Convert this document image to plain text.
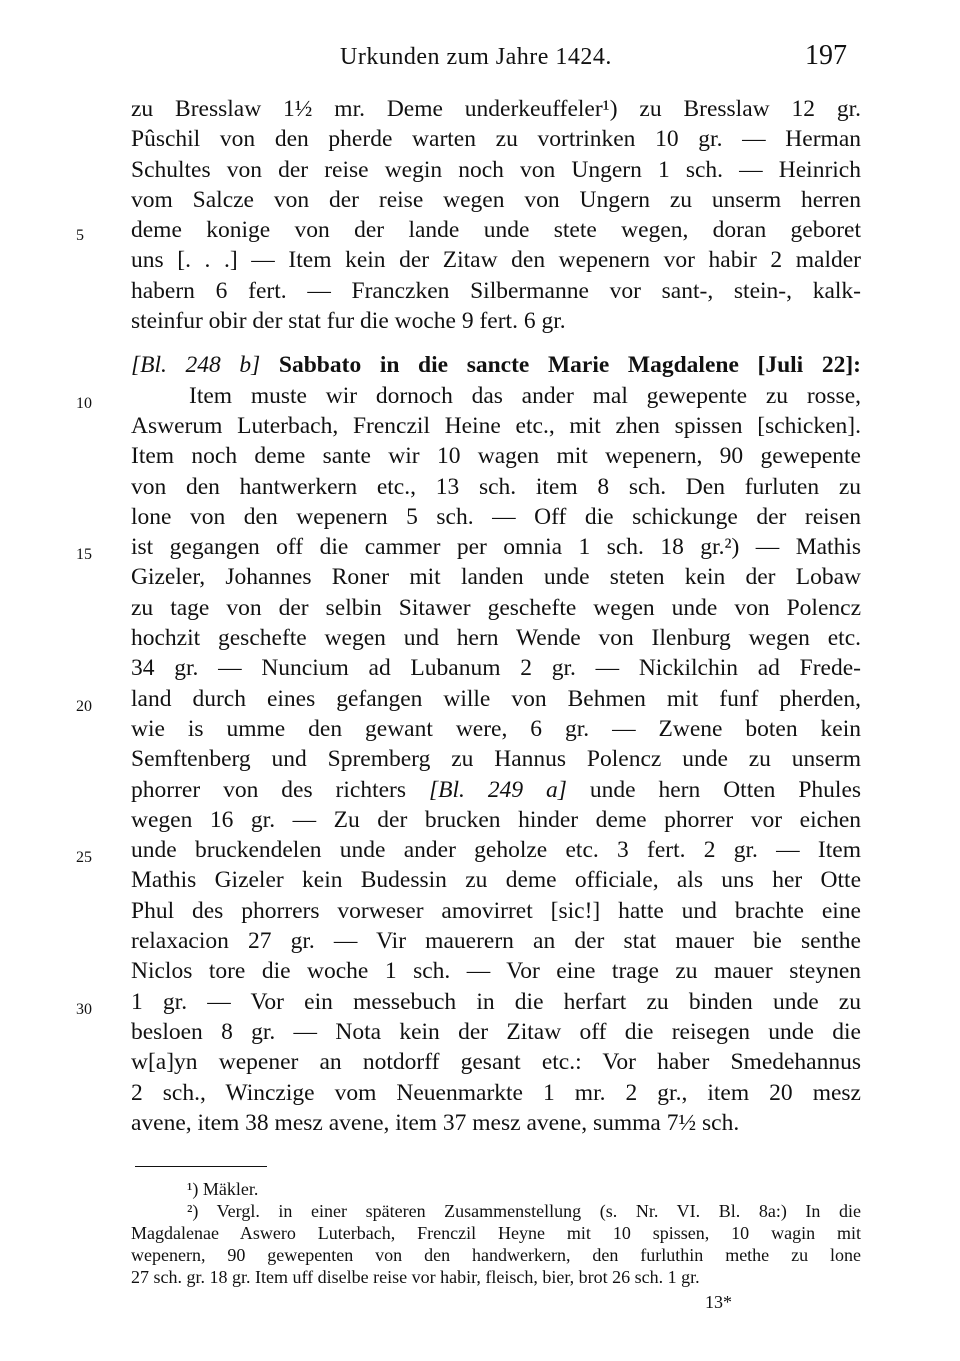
Urkunden zum Jahre 1424.	197
5
10
15
20
25
30
zu Bresslaw 1½ mr. Deme underkeuffeler¹) zu Bresslaw 12 gr.
Pûschil von den pherde warten zu vortrinken 10 gr. — Herman
Schultes von der reise wegin noch von Ungern 1 sch. — Heinrich
vom Salcze von der reise wegen von Ungern zu unserm herren
deme konige von der lande unde stete wegen, doran geboret
uns [. . .] — Item kein der Zitaw den wepenern vor habir 2 malder
habern 6 fert. — Franczken Silbermanne vor sant-, stein-, kalk-
steinfur obir der stat fur die woche 9 fert. 6 gr.
[Bl. 248 b] Sabbato in die sancte Marie Magdalene [Juli 22]:
Item muste wir dornoch das ander mal gewepente zu rosse,
Aswerum Luterbach, Frenczil Heine etc., mit zhen spissen [schicken].
Item noch deme sante wir 10 wagen mit wepenern, 90 gewepente
von den hantwerkern etc., 13 sch. item 8 sch. Den furluten zu
lone von den wepenern 5 sch. — Off die schickunge der reisen
ist gegangen off die cammer per omnia 1 sch. 18 gr.²) — Mathis
Gizeler, Johannes Roner mit landen unde steten kein der Lobaw
zu tage von der selbin Sitawer geschefte wegen unde von Polencz
hochzit geschefte wegen und hern Wende von Ilenburg wegen etc.
34 gr. — Nuncium ad Lubanum 2 gr. — Nickilchin ad Frede-
land durch eines gefangen wille von Behmen mit funf pherden,
wie is umme den gewant were, 6 gr. — Zwene boten kein
Semftenberg und Spremberg zu Hannus Polencz unde zu unserm
phorrer von des richters [Bl. 249 a] unde hern Otten Phules
wegen 16 gr. — Zu der brucken hinder deme phorrer vor eichen
unde bruckendelen unde ander geholze etc. 3 fert. 2 gr. — Item
Mathis Gizeler kein Budessin zu deme officiale, als uns her Otte
Phul des phorrers vorweser amovirret [sic!] hatte und brachte eine
relaxacion 27 gr. — Vir mauerern an der stat mauer bie senthe
Niclos tore die woche 1 sch. — Vor eine trage zu mauer steynen
1 gr. — Vor ein messebuch in die herfart zu binden unde zu
besloen 8 gr. — Nota kein der Zitaw off die reisegen unde die
w[a]yn wepener an notdorff gesant etc.: Vor haber Smedehannus
2 sch., Winczige vom Neuenmarkte 1 mr. 2 gr., item 20 mesz
avene, item 38 mesz avene, item 37 mesz avene, summa 7½ sch.
¹) Mäkler.
²) Vergl. in einer späteren Zusammenstellung (s. Nr. VI. Bl. 8a:) In die
Magdalenae Aswero Luterbach, Frenczil Heyne mit 10 spissen, 10 wagin mit
wepenern, 90 gewepenten von den handwerkern, den furluthin methe zu lone
27 sch. gr. 18 gr. Item uff diselbe reise vor habir, fleisch, bier, brot 26 sch. 1 gr.
13*
